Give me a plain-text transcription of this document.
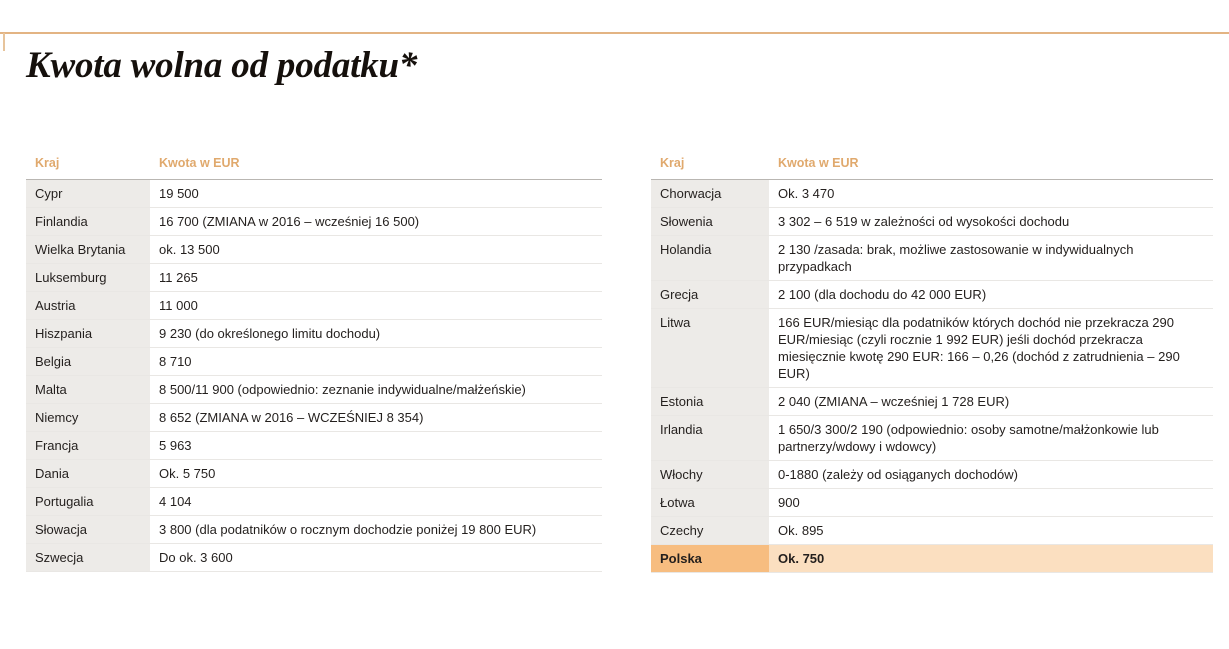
Kwota wolna od podatku*
Kraj	Kwota w EUR
Cypr	19 500
Finlandia	16 700 (ZMIANA w 2016 – wcześniej 16 500)
Wielka Brytania	ok. 13 500
Luksemburg	11 265
Austria	11 000
Hiszpania	9 230 (do określonego limitu dochodu)
Belgia	8 710
Malta	8 500/11 900 (odpowiednio: zeznanie indywidualne/małżeńskie)
Niemcy	8 652 (ZMIANA w 2016 – WCZEŚNIEJ 8 354)
Francja	5 963
Dania	Ok. 5 750
Portugalia	4 104
Słowacja	3 800 (dla podatników o rocznym dochodzie poniżej 19 800 EUR)
Szwecja	Do ok. 3 600
Kraj	Kwota w EUR
Chorwacja	Ok. 3 470
Słowenia	3 302 – 6 519 w zależności od wysokości dochodu
Holandia	2 130 /zasada: brak, możliwe zastosowanie w indywidualnych przypadkach
Grecja	2 100 (dla dochodu do 42 000 EUR)
Litwa	166 EUR/miesiąc dla podatników których dochód nie przekracza 290 EUR/miesiąc (czyli rocznie 1 992 EUR) jeśli dochód przekracza miesięcznie kwotę 290 EUR: 166 – 0,26 (dochód z zatrudnienia – 290 EUR)
Estonia	2 040 (ZMIANA – wcześniej 1 728 EUR)
Irlandia	1 650/3 300/2 190 (odpowiednio: osoby samotne/małżonkowie lub partnerzy/wdowy i wdowcy)
Włochy	0-1880 (zależy od osiąganych dochodów)
Łotwa	900
Czechy	Ok. 895
Polska	Ok. 750
